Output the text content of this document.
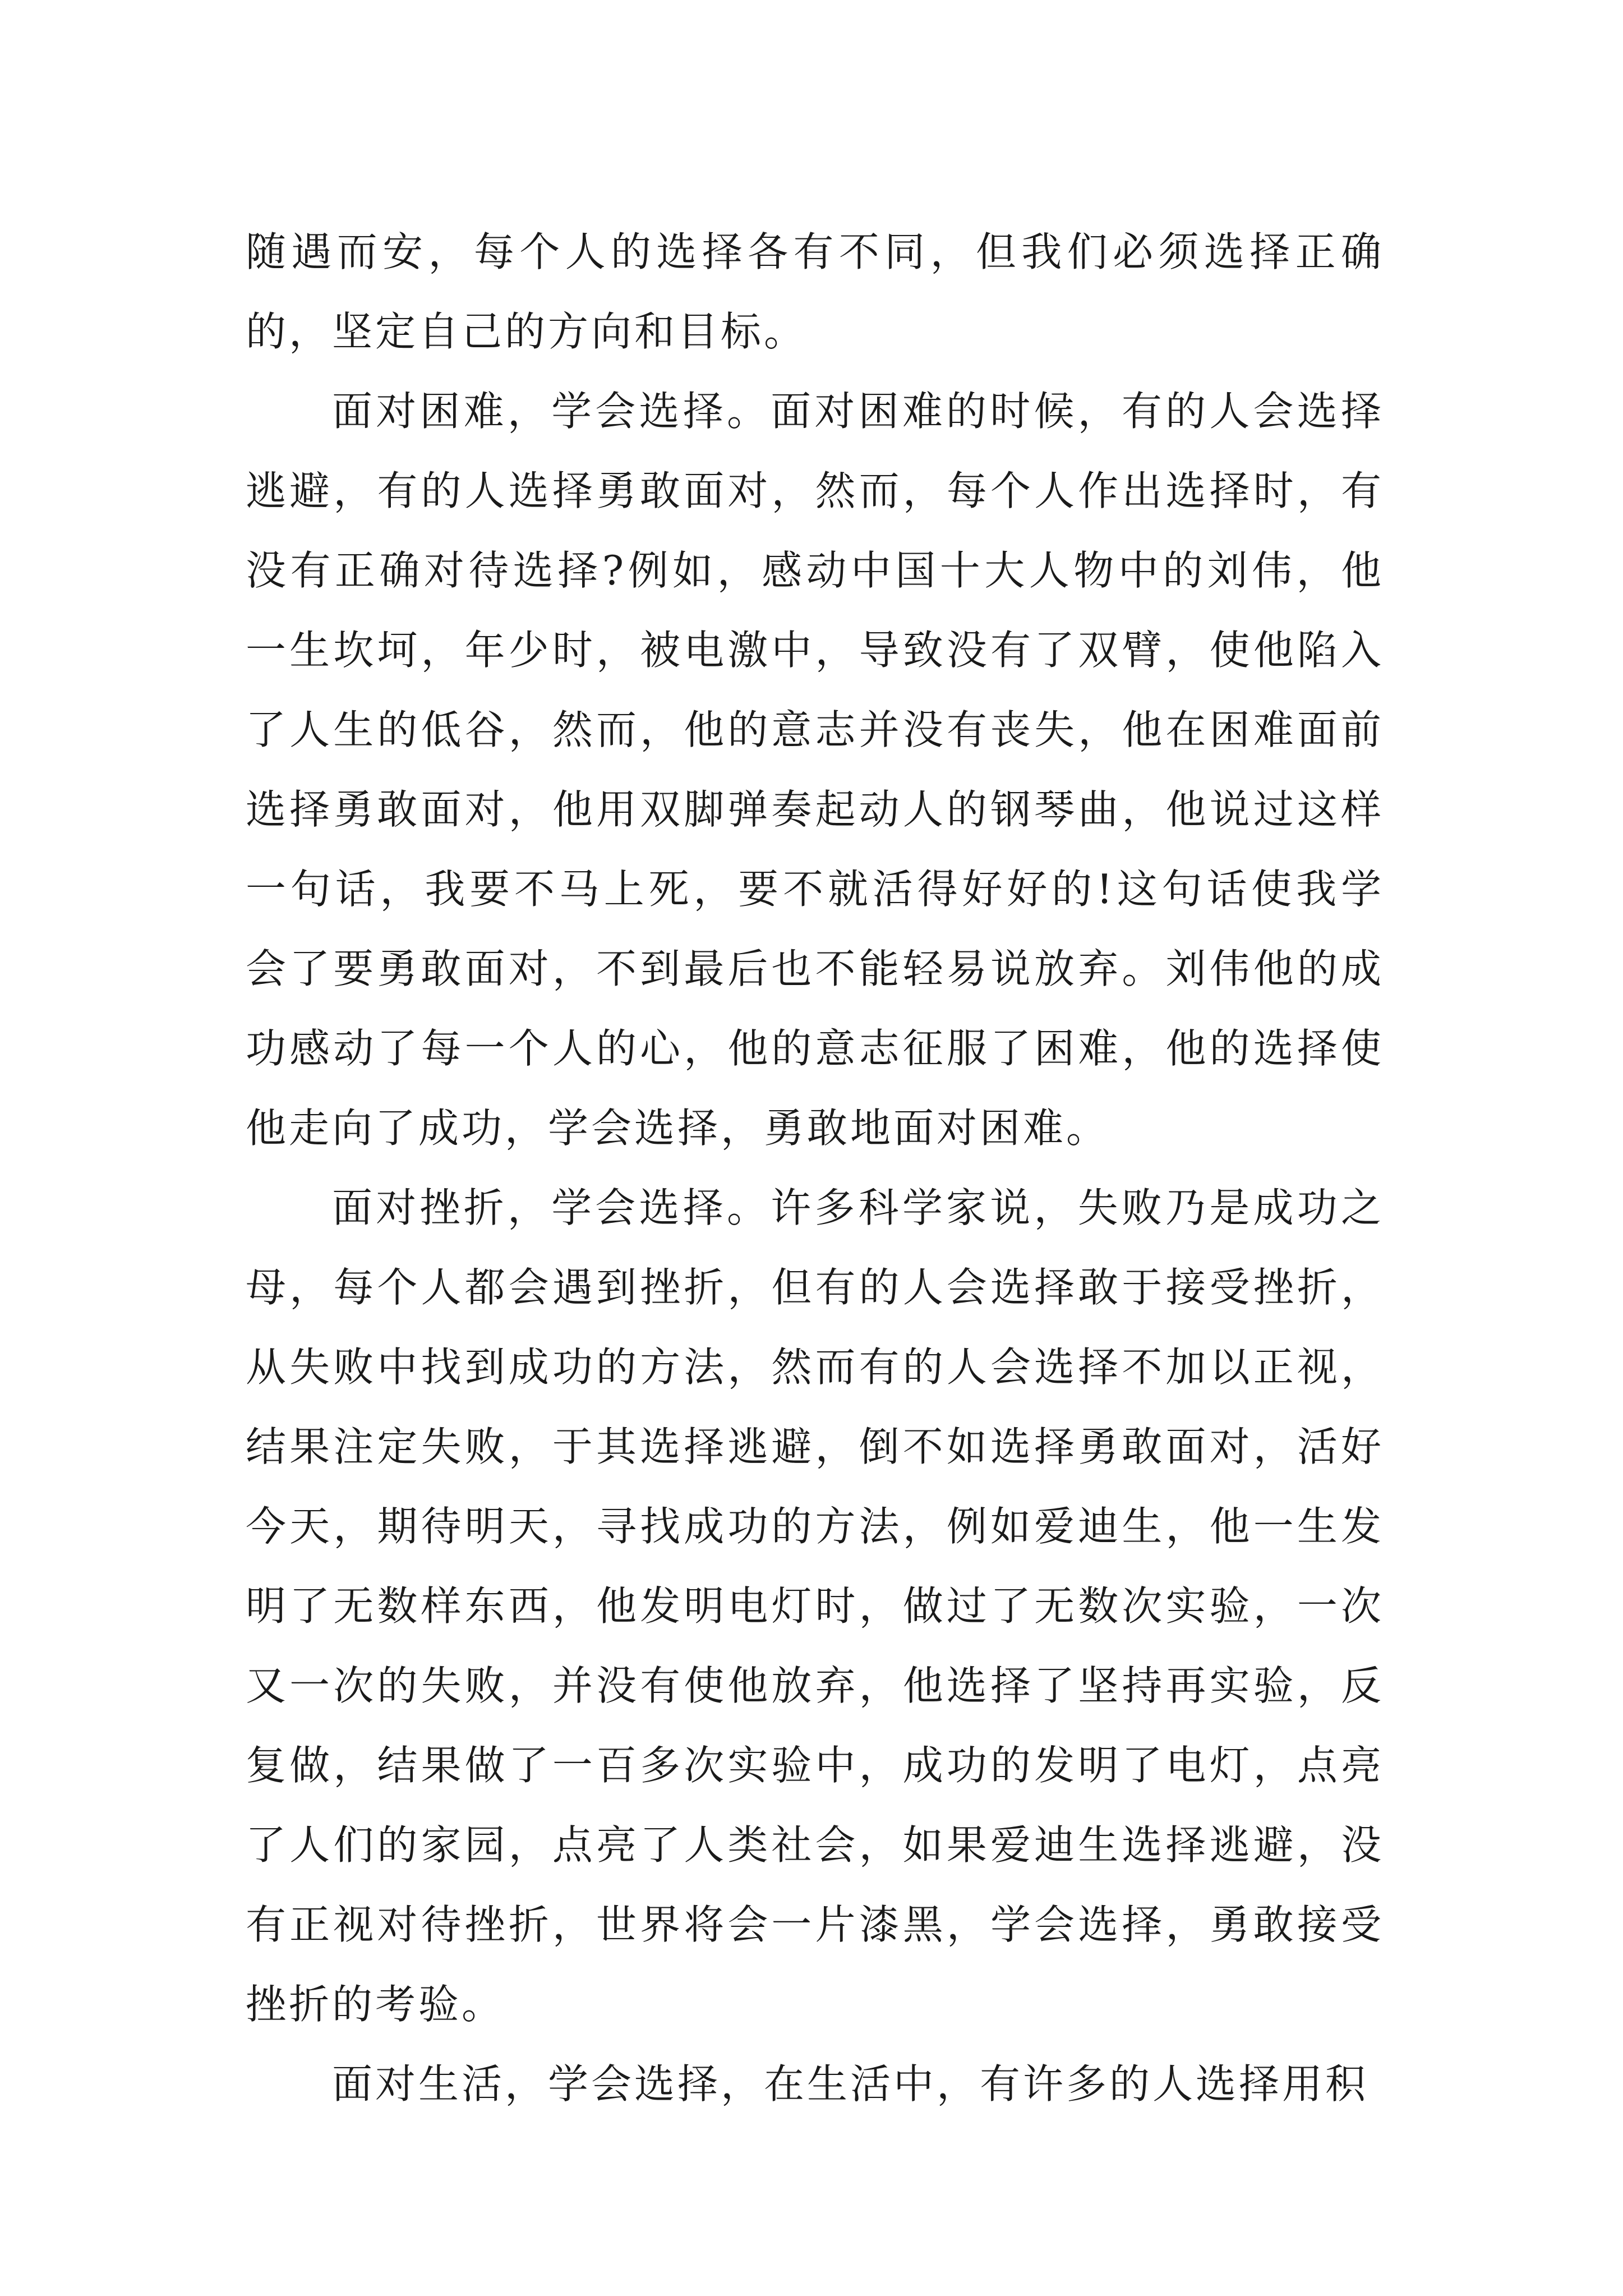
随遇而安，每个人的选择各有不同，但我们必须选择正确的，坚定自己的方向和目标。

面对困难，学会选择。面对困难的时候，有的人会选择逃避，有的人选择勇敢面对，然而，每个人作出选择时，有没有正确对待选择?例如，感动中国十大人物中的刘伟，他一生坎坷，年少时，被电激中，导致没有了双臂，使他陷入了人生的低谷，然而，他的意志并没有丧失，他在困难面前选择勇敢面对，他用双脚弹奏起动人的钢琴曲，他说过这样一句话，我要不马上死，要不就活得好好的!这句话使我学会了要勇敢面对，不到最后也不能轻易说放弃。刘伟他的成功感动了每一个人的心，他的意志征服了困难，他的选择使他走向了成功，学会选择，勇敢地面对困难。

面对挫折，学会选择。许多科学家说，失败乃是成功之母，每个人都会遇到挫折，但有的人会选择敢于接受挫折，从失败中找到成功的方法，然而有的人会选择不加以正视，结果注定失败，于其选择逃避，倒不如选择勇敢面对，活好今天，期待明天，寻找成功的方法，例如爱迪生，他一生发明了无数样东西，他发明电灯时，做过了无数次实验，一次又一次的失败，并没有使他放弃，他选择了坚持再实验，反复做，结果做了一百多次实验中，成功的发明了电灯，点亮了人们的家园，点亮了人类社会，如果爱迪生选择逃避，没有正视对待挫折，世界将会一片漆黑，学会选择，勇敢接受挫折的考验。

面对生活，学会选择，在生活中，有许多的人选择用积
